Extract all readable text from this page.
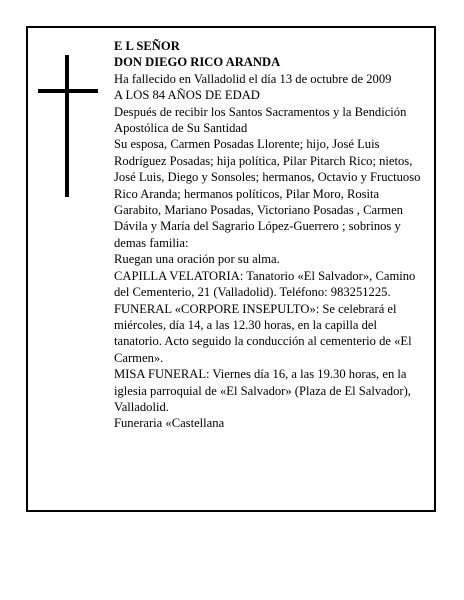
E L SEÑOR

DON DIEGO RICO ARANDA

Ha fallecido en Valladolid el día 13 de octubre de 2009

A LOS 84 AÑOS DE EDAD

Después de recibir los Santos Sacramentos y la Bendición Apostólica de Su Santidad

Su esposa, Carmen Posadas Llorente; hijo, José Luis Rodríguez Posadas; hija política, Pilar Pitarch Rico; nietos, José Luis, Diego y Sonsoles; hermanos, Octavio y Fructuoso Rico Aranda; hermanos políticos, Pilar Moro, Rosita Garabito, Mariano Posadas, Victoriano Posadas , Carmen Dávila y María del Sagrario López-Guerrero ; sobrinos y demas familia:

Ruegan una oración por su alma.

CAPILLA VELATORIA: Tanatorio «El Salvador», Camino del Cementerio, 21 (Valladolid). Teléfono: 983251225.

FUNERAL «CORPORE INSEPULTO»: Se celebrará el miércoles, día 14, a las 12.30 horas, en la capilla del tanatorio. Acto seguido la conducción al cementerio de «El Carmen».

MISA FUNERAL: Viernes día 16, a las 19.30 horas, en la iglesia parroquial de «El Salvador» (Plaza de El Salvador), Valladolid.

Funeraria «Castellana
